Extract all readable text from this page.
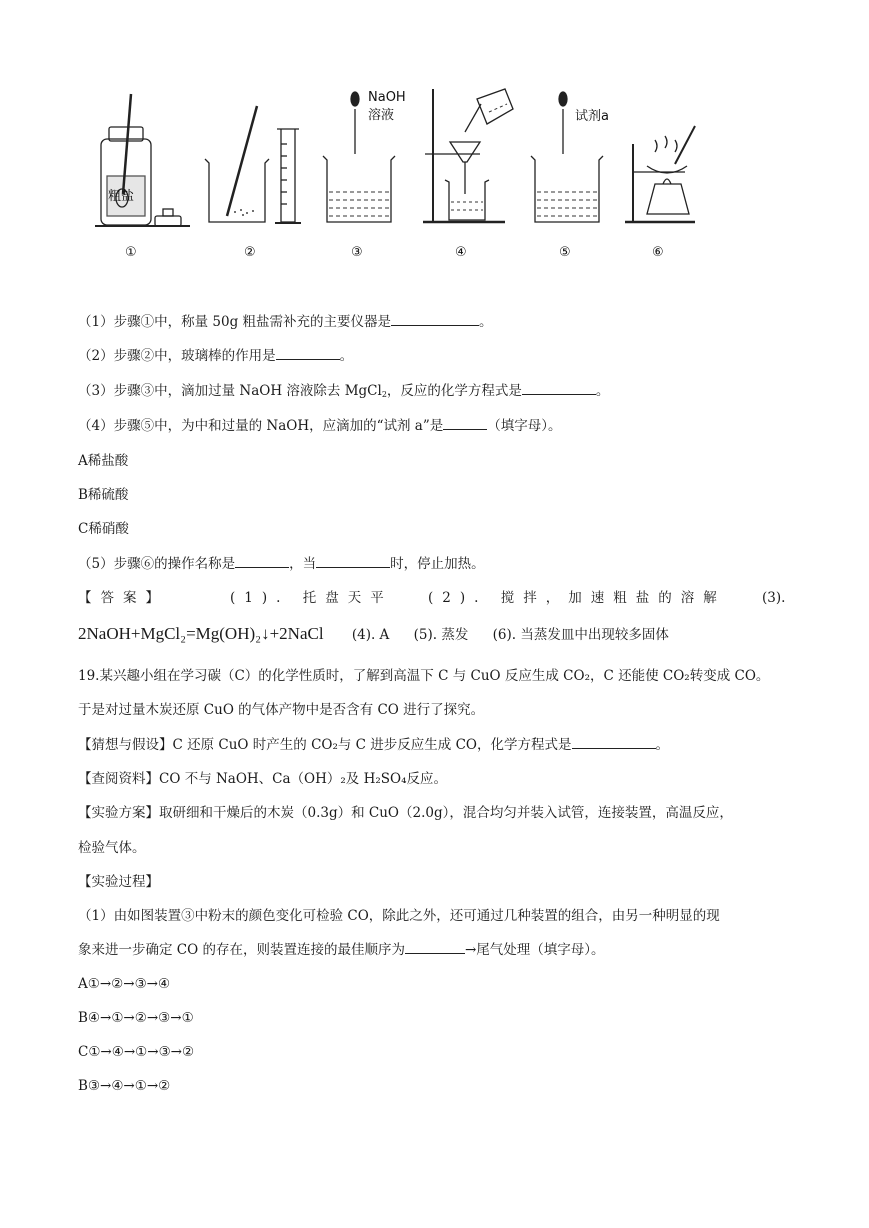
粗盐
NaOH
溶液	试剂a
①	②	③	④	⑤	⑥
（1）步骤①中，称量 50g 粗盐需补充的主要仪器是	。
（2）步骤②中，玻璃棒的作用是	。
（3）步骤③中，滴加过量 NaOH 溶液除去 MgCl$_2$，反应的化学方程式是	。
（4）步骤⑤中，为中和过量的 NaOH，应滴加的“试剂 a”是	（填字母）。
A稀盐酸
B稀硫酸
C稀硝酸
（5）步骤⑥的操作名称是	，当	时，停止加热。
【答案】	(1). 托盘天平	(2). 搅拌，加速粗盐的溶解	(3).
2NaOH+MgCl₂=Mg(OH)₂↓+2NaCl (4). A (5). 蒸发 (6). 当蒸发皿中出现较多固体
19.某兴趣小组在学习碳（C）的化学性质时，了解到高温下 C 与 CuO 反应生成 CO₂，C 还能使 CO₂转变成 CO。
于是对过量木炭还原 CuO 的气体产物中是否含有 CO 进行了探究。
【猜想与假设】C 还原 CuO 时产生的 CO₂与 C 进步反应生成 CO，化学方程式是	。
【查阅资料】CO 不与 NaOH、Ca（OH）₂及 H₂SO₄反应。
【实验方案】取研细和干燥后的木炭（0.3g）和 CuO（2.0g），混合均匀并装入试管，连接装置，高温反应，
检验气体。
【实验过程】
（1）由如图装置③中粉末的颜色变化可检验 CO，除此之外，还可通过几种装置的组合，由另一种明显的现
象来进一步确定 CO 的存在，则装置连接的最佳顺序为	→尾气处理（填字母）。
A①→②→③→④
B④→①→②→③→①
C①→④→①→③→②
B③→④→①→②
